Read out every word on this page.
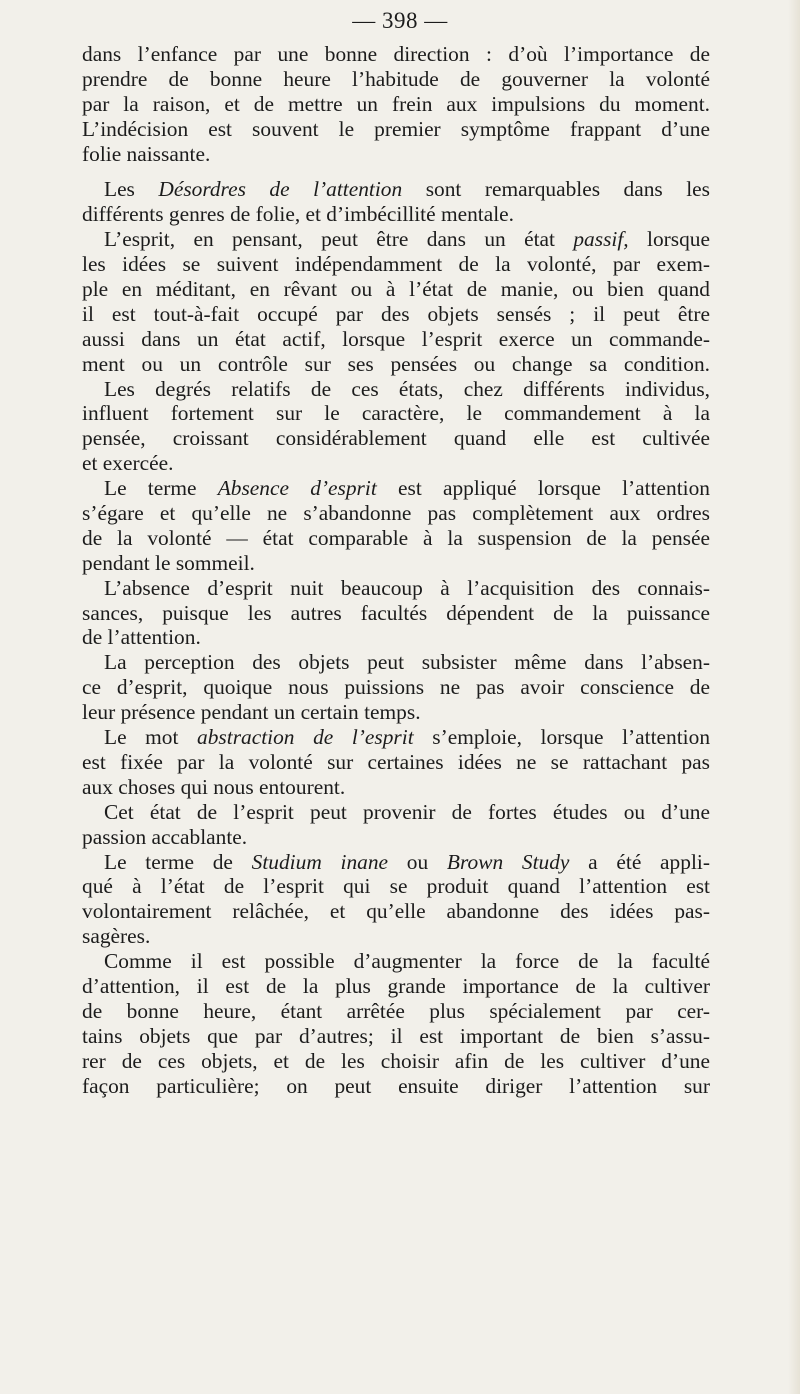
— 398 —
dans l’enfance par une bonne direction : d’où l’importance de
prendre de bonne heure l’habitude de gouverner la volonté
par la raison, et de mettre un frein aux impulsions du moment.
L’indécision est souvent le premier symptôme frappant d’une
folie naissante.
Les Désordres de l’attention sont remarquables dans les
différents genres de folie, et d’imbécillité mentale.
L’esprit, en pensant, peut être dans un état passif, lorsque
les idées se suivent indépendamment de la volonté, par exem-
ple en méditant, en rêvant ou à l’état de manie, ou bien quand
il est tout-à-fait occupé par des objets sensés ; il peut être
aussi dans un état actif, lorsque l’esprit exerce un commande-
ment ou un contrôle sur ses pensées ou change sa condition.
Les degrés relatifs de ces états, chez différents individus,
influent fortement sur le caractère, le commandement à la
pensée, croissant considérablement quand elle est cultivée
et exercée.
Le terme Absence d’esprit est appliqué lorsque l’attention
s’égare et qu’elle ne s’abandonne pas complètement aux ordres
de la volonté — état comparable à la suspension de la pensée
pendant le sommeil.
L’absence d’esprit nuit beaucoup à l’acquisition des connais-
sances, puisque les autres facultés dépendent de la puissance
de l’attention.
La perception des objets peut subsister même dans l’absen-
ce d’esprit, quoique nous puissions ne pas avoir conscience de
leur présence pendant un certain temps.
Le mot abstraction de l’esprit s’emploie, lorsque l’attention
est fixée par la volonté sur certaines idées ne se rattachant pas
aux choses qui nous entourent.
Cet état de l’esprit peut provenir de fortes études ou d’une
passion accablante.
Le terme de Studium inane ou Brown Study a été appli-
qué à l’état de l’esprit qui se produit quand l’attention est
volontairement relâchée, et qu’elle abandonne des idées pas-
sagères.
Comme il est possible d’augmenter la force de la faculté
d’attention, il est de la plus grande importance de la cultiver
de bonne heure, étant arrêtée plus spécialement par cer-
tains objets que par d’autres; il est important de bien s’assu-
rer de ces objets, et de les choisir afin de les cultiver d’une
façon particulière; on peut ensuite diriger l’attention sur
